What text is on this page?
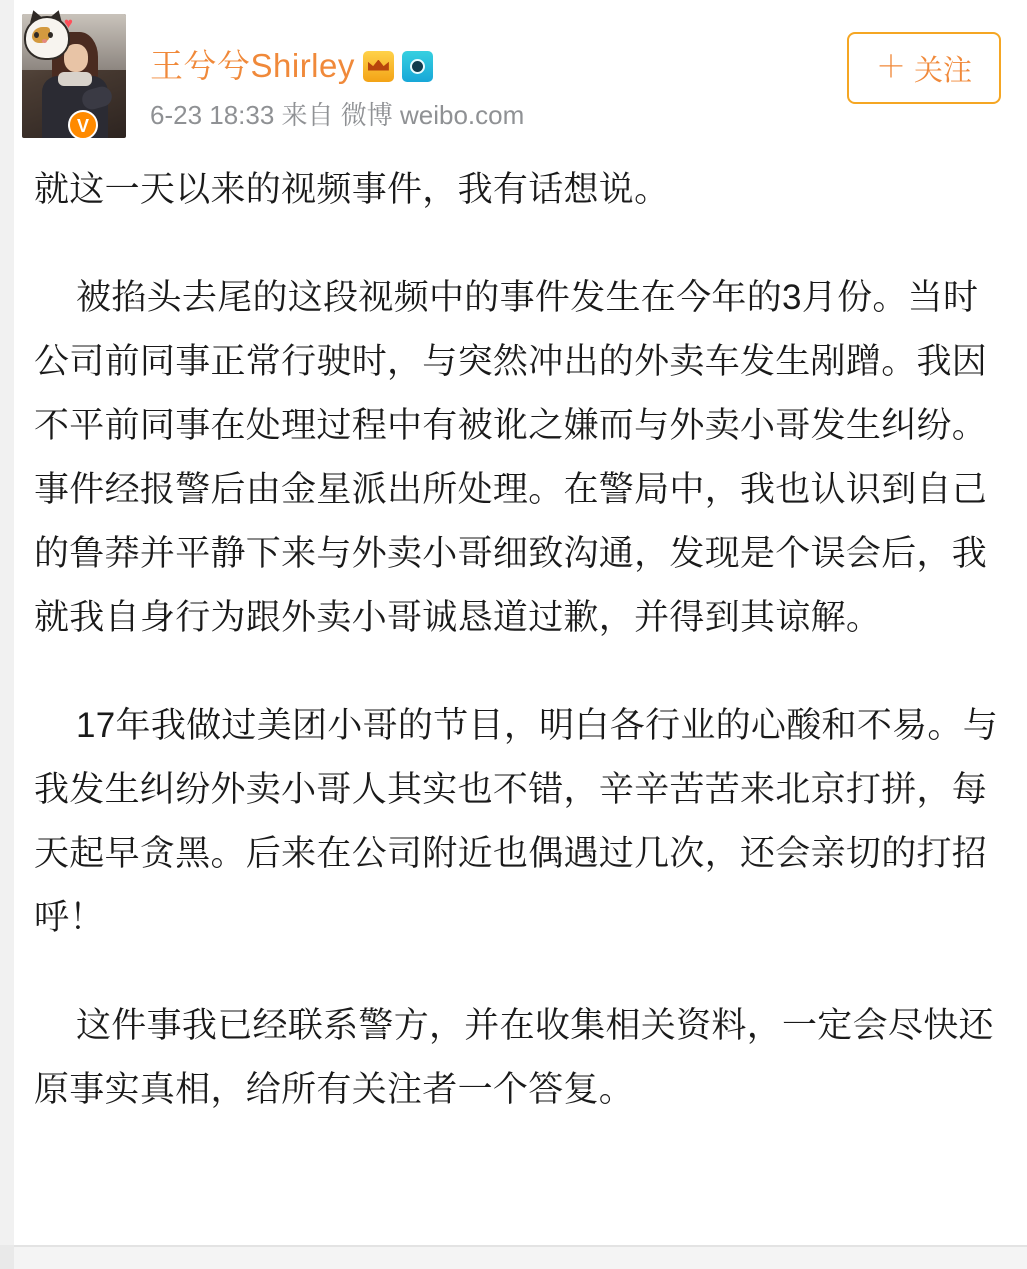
♥
V
王兮兮Shirley
6-23 18:33 来自 微博 weibo.com
＋ 关注

就这一天以来的视频事件，我有话想说。

被掐头去尾的这段视频中的事件发生在今年的3月份。当时公司前同事正常行驶时，与突然冲出的外卖车发生剐蹭。我因不平前同事在处理过程中有被讹之嫌而与外卖小哥发生纠纷。事件经报警后由金星派出所处理。在警局中，我也认识到自己的鲁莽并平静下来与外卖小哥细致沟通，发现是个误会后，我就我自身行为跟外卖小哥诚恳道过歉，并得到其谅解。

17年我做过美团小哥的节目，明白各行业的心酸和不易。与我发生纠纷外卖小哥人其实也不错，辛辛苦苦来北京打拼，每天起早贪黑。后来在公司附近也偶遇过几次，还会亲切的打招呼！

这件事我已经联系警方，并在收集相关资料，一定会尽快还原事实真相，给所有关注者一个答复。
